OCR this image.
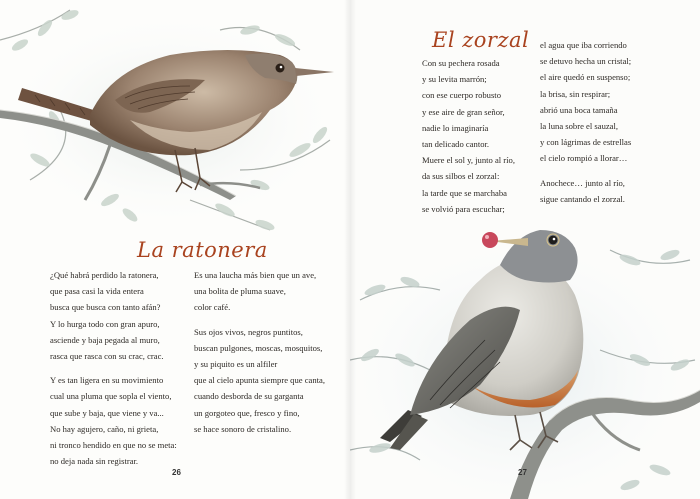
La ratonera
¿Qué habrá perdido la ratonera,
que pasa casi la vida entera
busca que busca con tanto afán?
Y lo hurga todo con gran apuro,
asciende y baja pegada al muro,
rasca que rasca con su crac, crac.
Y es tan ligera en su movimiento
cual una pluma que sopla el viento,
que sube y baja, que viene y va...
No hay agujero, caño, ni grieta,
ni tronco hendido en que no se meta:
no deja nada sin registrar.
Es una laucha más bien que un ave,
una bolita de pluma suave,
color café.
Sus ojos vivos, negros puntitos,
buscan pulgones, moscas, mosquitos,
y su piquito es un alfiler
que al cielo apunta siempre que canta,
cuando desborda de su garganta
un gorgoteo que, fresco y fino,
se hace sonoro de cristalino.
26
El zorzal
Con su pechera rosada
y su levita marrón;
con ese cuerpo robusto
y ese aire de gran señor,
nadie lo imaginaría
tan delicado cantor.
Muere el sol y, junto al río,
da sus silbos el zorzal:
la tarde que se marchaba
se volvió para escuchar;
el agua que iba corriendo
se detuvo hecha un cristal;
el aire quedó en suspenso;
la brisa, sin respirar;
abrió una boca tamaña
la luna sobre el sauzal,
y con lágrimas de estrellas
el cielo rompió a llorar…
Anochece… junto al río,
sigue cantando el zorzal.
27
